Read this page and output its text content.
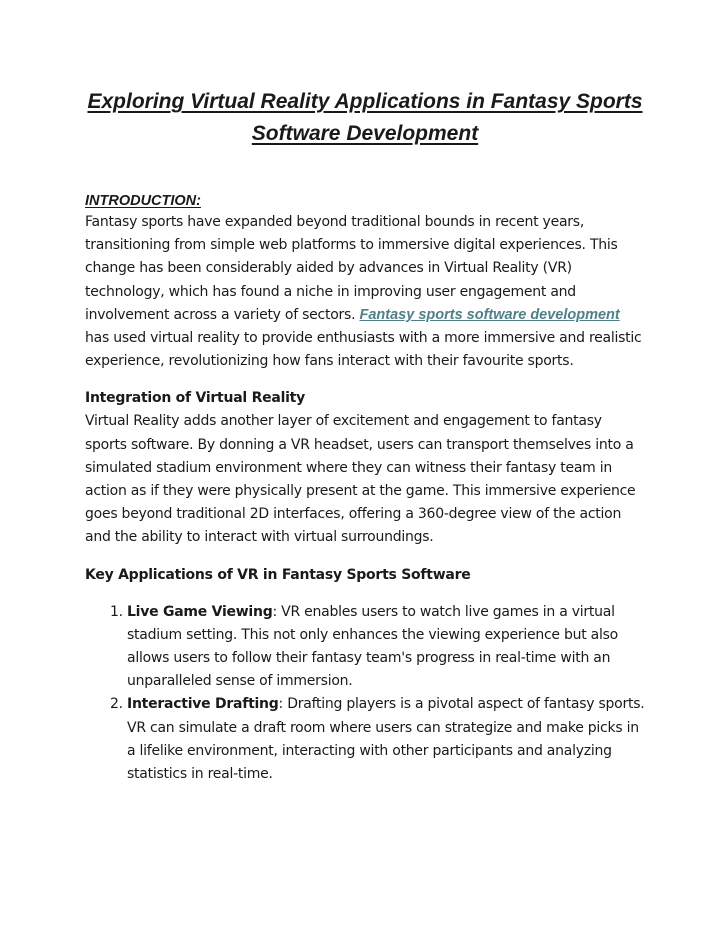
Exploring Virtual Reality Applications in Fantasy Sports Software Development
INTRODUCTION:

Fantasy sports have expanded beyond traditional bounds in recent years, transitioning from simple web platforms to immersive digital experiences. This change has been considerably aided by advances in Virtual Reality (VR) technology, which has found a niche in improving user engagement and involvement across a variety of sectors. Fantasy sports software development has used virtual reality to provide enthusiasts with a more immersive and realistic experience, revolutionizing how fans interact with their favourite sports.

Integration of Virtual Reality

Virtual Reality adds another layer of excitement and engagement to fantasy sports software. By donning a VR headset, users can transport themselves into a simulated stadium environment where they can witness their fantasy team in action as if they were physically present at the game. This immersive experience goes beyond traditional 2D interfaces, offering a 360-degree view of the action and the ability to interact with virtual surroundings.

Key Applications of VR in Fantasy Sports Software
1. Live Game Viewing: VR enables users to watch live games in a virtual stadium setting. This not only enhances the viewing experience but also allows users to follow their fantasy team's progress in real-time with an unparalleled sense of immersion.
2. Interactive Drafting: Drafting players is a pivotal aspect of fantasy sports. VR can simulate a draft room where users can strategize and make picks in a lifelike environment, interacting with other participants and analyzing statistics in real-time.
